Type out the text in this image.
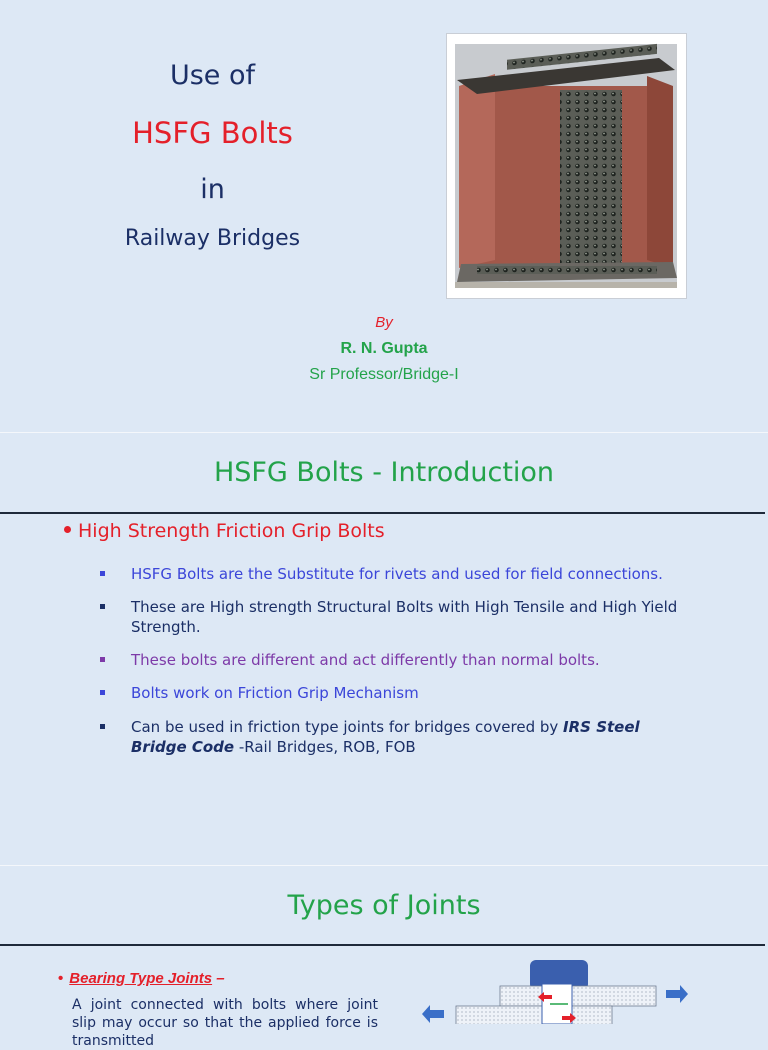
Use of
HSFG Bolts
in
Railway Bridges
By
R. N. Gupta
Sr Professor/Bridge-I
HSFG Bolts - Introduction
High Strength Friction Grip Bolts
HSFG Bolts are the Substitute for rivets and used for field connections.
These are High strength Structural Bolts with High Tensile and High Yield Strength.
These bolts are different and act differently than normal bolts.
Bolts work on Friction Grip Mechanism
Can be used in friction type joints for bridges covered by IRS Steel Bridge Code -Rail Bridges, ROB, FOB
Types of Joints
• Bearing Type Joints –
A joint connected with bolts where joint slip may occur so that the applied force is transmitted
